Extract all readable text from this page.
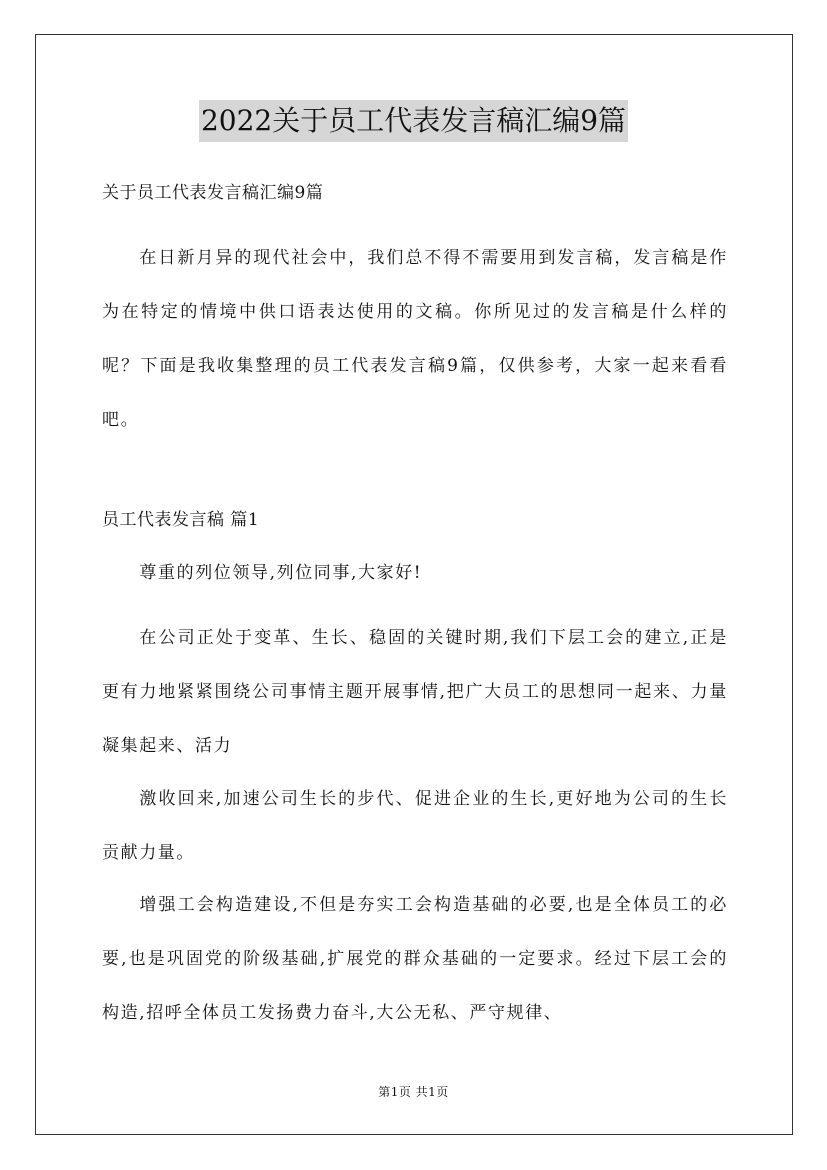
2022关于员工代表发言稿汇编9篇
关于员工代表发言稿汇编9篇

在日新月异的现代社会中，我们总不得不需要用到发言稿，发言稿是作为在特定的情境中供口语表达使用的文稿。你所见过的发言稿是什么样的呢？下面是我收集整理的员工代表发言稿9篇，仅供参考，大家一起来看看吧。

员工代表发言稿 篇1

尊重的列位领导,列位同事,大家好!

在公司正处于变革、生长、稳固的关键时期,我们下层工会的建立,正是更有力地紧紧围绕公司事情主题开展事情,把广大员工的思想同一起来、力量凝集起来、活力

激收回来,加速公司生长的步代、促进企业的生长,更好地为公司的生长贡献力量。

增强工会构造建设,不但是夯实工会构造基础的必要,也是全体员工的必要,也是巩固党的阶级基础,扩展党的群众基础的一定要求。经过下层工会的构造,招呼全体员工发扬费力奋斗,大公无私、严守规律、

第1页 共1页
